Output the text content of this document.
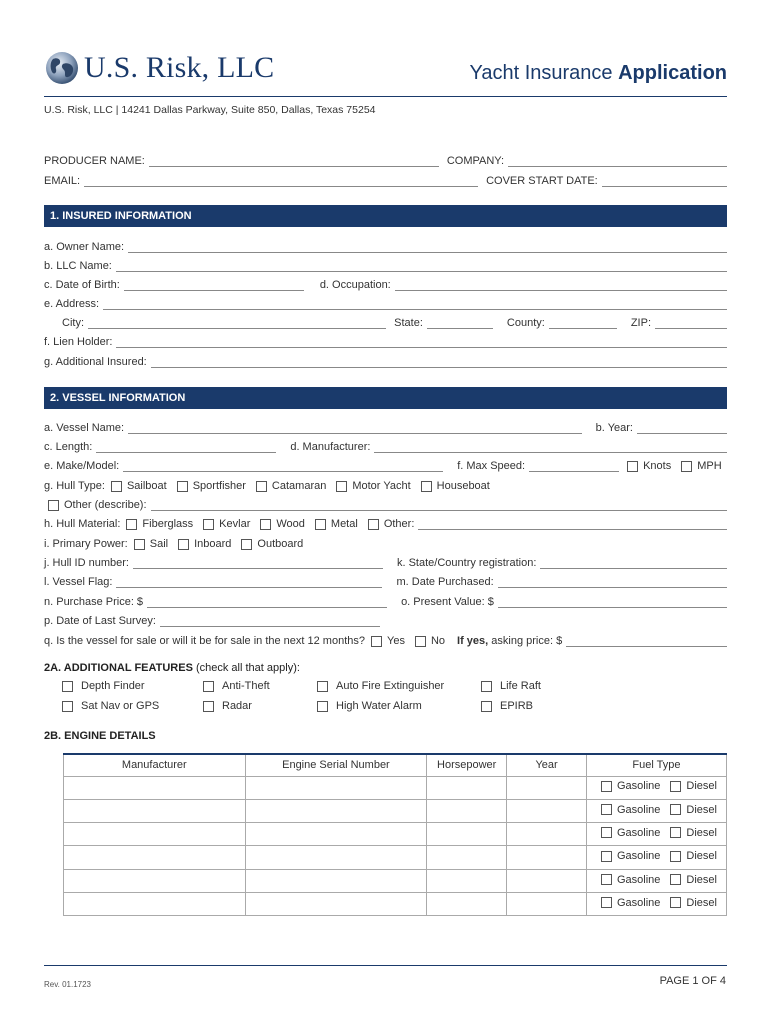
U.S. Risk, LLC	Yacht Insurance Application
U.S. Risk, LLC | 14241 Dallas Parkway, Suite 850, Dallas, Texas 75254
PRODUCER NAME:	COMPANY:
EMAIL:	COVER START DATE:
1. INSURED INFORMATION
a. Owner Name:
b. LLC Name:
c. Date of Birth:	d. Occupation:
e. Address:
City:	State:	County:	ZIP:
f. Lien Holder:
g. Additional Insured:
2. VESSEL INFORMATION
a. Vessel Name:	b. Year:
c. Length:	d. Manufacturer:
e. Make/Model:	f. Max Speed:	Knots MPH
g. Hull Type:	Sailboat Sportfisher Catamaran Motor Yacht Houseboat
Other (describe):
h. Hull Material:	Fiberglass Kevlar Wood Metal Other:
i. Primary Power:	Sail Inboard Outboard
j. Hull ID number:	k. State/Country registration:
l. Vessel Flag:	m. Date Purchased:
n. Purchase Price: $	o. Present Value: $
p. Date of Last Survey:
q. Is the vessel for sale or will it be for sale in the next 12 months?	Yes No If yes, asking price: $
2A. ADDITIONAL FEATURES (check all that apply):
Depth Finder	Anti-Theft	Auto Fire Extinguisher	Life Raft
Sat Nav or GPS	Radar	High Water Alarm	EPIRB
2B. ENGINE DETAILS
Manufacturer	Engine Serial Number	Horsepower	Year	Fuel Type

				Gasoline Diesel

				Gasoline Diesel

				Gasoline Diesel

				Gasoline Diesel

				Gasoline Diesel

				Gasoline Diesel
Rev. 01.1723	PAGE 1 OF 4
